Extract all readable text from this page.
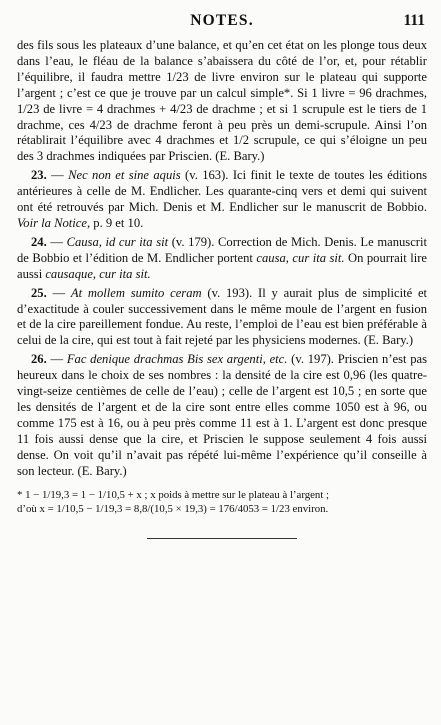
NOTES.	111

des fils sous les plateaux d’une balance, et qu’en cet état on les plonge tous deux dans l’eau, le fléau de la balance s’abaissera du côté de l’or, et, pour rétablir l’équilibre, il faudra mettre 1/23 de livre environ sur le plateau qui supporte l’argent ; c’est ce que je trouve par un calcul simple*. Si 1 livre = 96 drachmes, 1/23 de livre = 4 drachmes + 4/23 de drachme ; et si 1 scrupule est le tiers de 1 drachme, ces 4/23 de drachme feront à peu près un demi-scrupule. Ainsi l’on rétablirait l’équilibre avec 4 drachmes et 1/2 scrupule, ce qui s’éloigne un peu des 3 drachmes indiquées par Priscien. (E. Bary.)

23. — Nec non et sine aquis (v. 163). Ici finit le texte de toutes les éditions antérieures à celle de M. Endlicher. Les quarante-cinq vers et demi qui suivent ont été retrouvés par Mich. Denis et M. Endlicher sur le manuscrit de Bobbio. Voir la Notice, p. 9 et 10.

24. — Causa, id cur ita sit (v. 179). Correction de Mich. Denis. Le manuscrit de Bobbio et l’édition de M. Endlicher portent causa, cur ita sit. On pourrait lire aussi causaque, cur ita sit.

25. — At mollem sumito ceram (v. 193). Il y aurait plus de simplicité et d’exactitude à couler successivement dans le même moule de l’argent en fusion et de la cire pareillement fondue. Au reste, l’emploi de l’eau est bien préférable à celui de la cire, qui est tout à fait rejeté par les physiciens modernes. (E. Bary.)

26. — Fac denique drachmas Bis sex argenti, etc. (v. 197). Priscien n’est pas heureux dans le choix de ses nombres : la densité de la cire est 0,96 (les quatre-vingt-seize centièmes de celle de l’eau) ; celle de l’argent est 10,5 ; en sorte que les densités de l’argent et de la cire sont entre elles comme 1050 est à 96, ou comme 175 est à 16, ou à peu près comme 11 est à 1. L’argent est donc presque 11 fois aussi dense que la cire, et Priscien le suppose seulement 4 fois aussi dense. On voit qu’il n’avait pas répété lui-même l’expérience qu’il conseille à son lecteur. (E. Bary.)

* 1 − 1/19,3 = 1 − 1/10,5 + x ; x poids à mettre sur le plateau à l’argent ;
d’où x = 1/10,5 − 1/19,3 = 8,8/(10,5 × 19,3) = 176/4053 = 1/23 environ.
